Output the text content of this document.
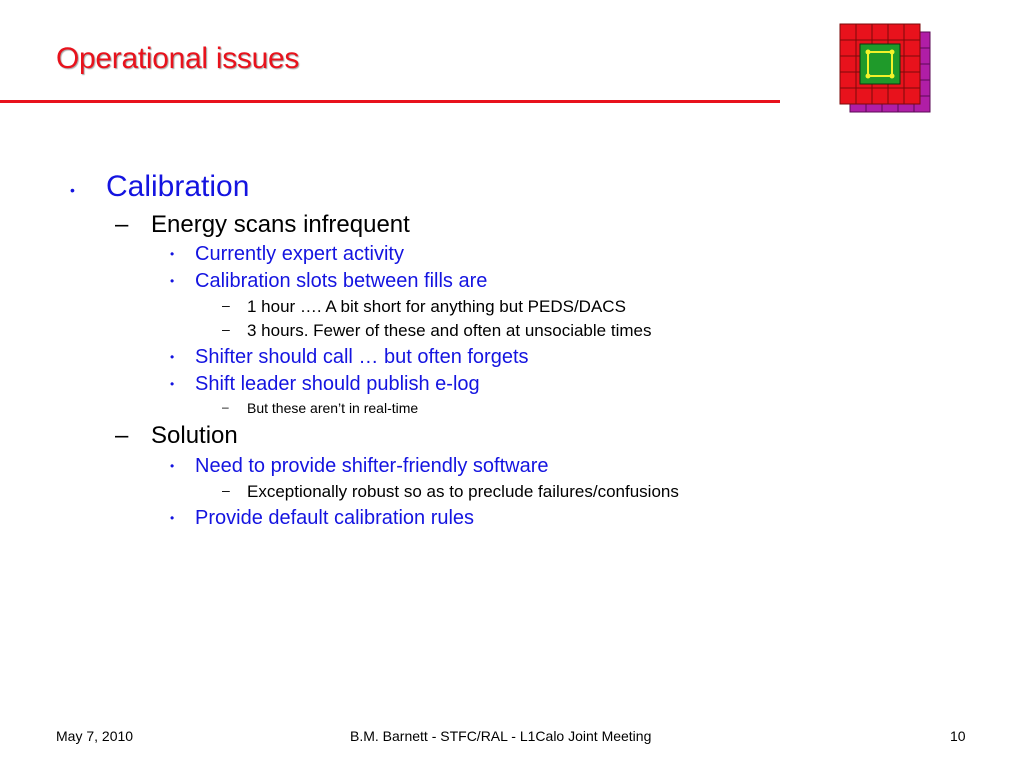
Operational issues
• Calibration
– Energy scans infrequent
• Currently expert activity
• Calibration slots between fills are
– 1 hour …. A bit short for anything but PEDS/DACS
– 3 hours. Fewer of these and often at unsociable times
• Shifter should call … but often forgets
• Shift leader should publish e-log
– But these aren’t in real-time
– Solution
• Need to provide shifter-friendly software
– Exceptionally robust so as to preclude failures/confusions
• Provide default calibration rules
May 7, 2010	B.M. Barnett - STFC/RAL - L1Calo Joint Meeting	10
